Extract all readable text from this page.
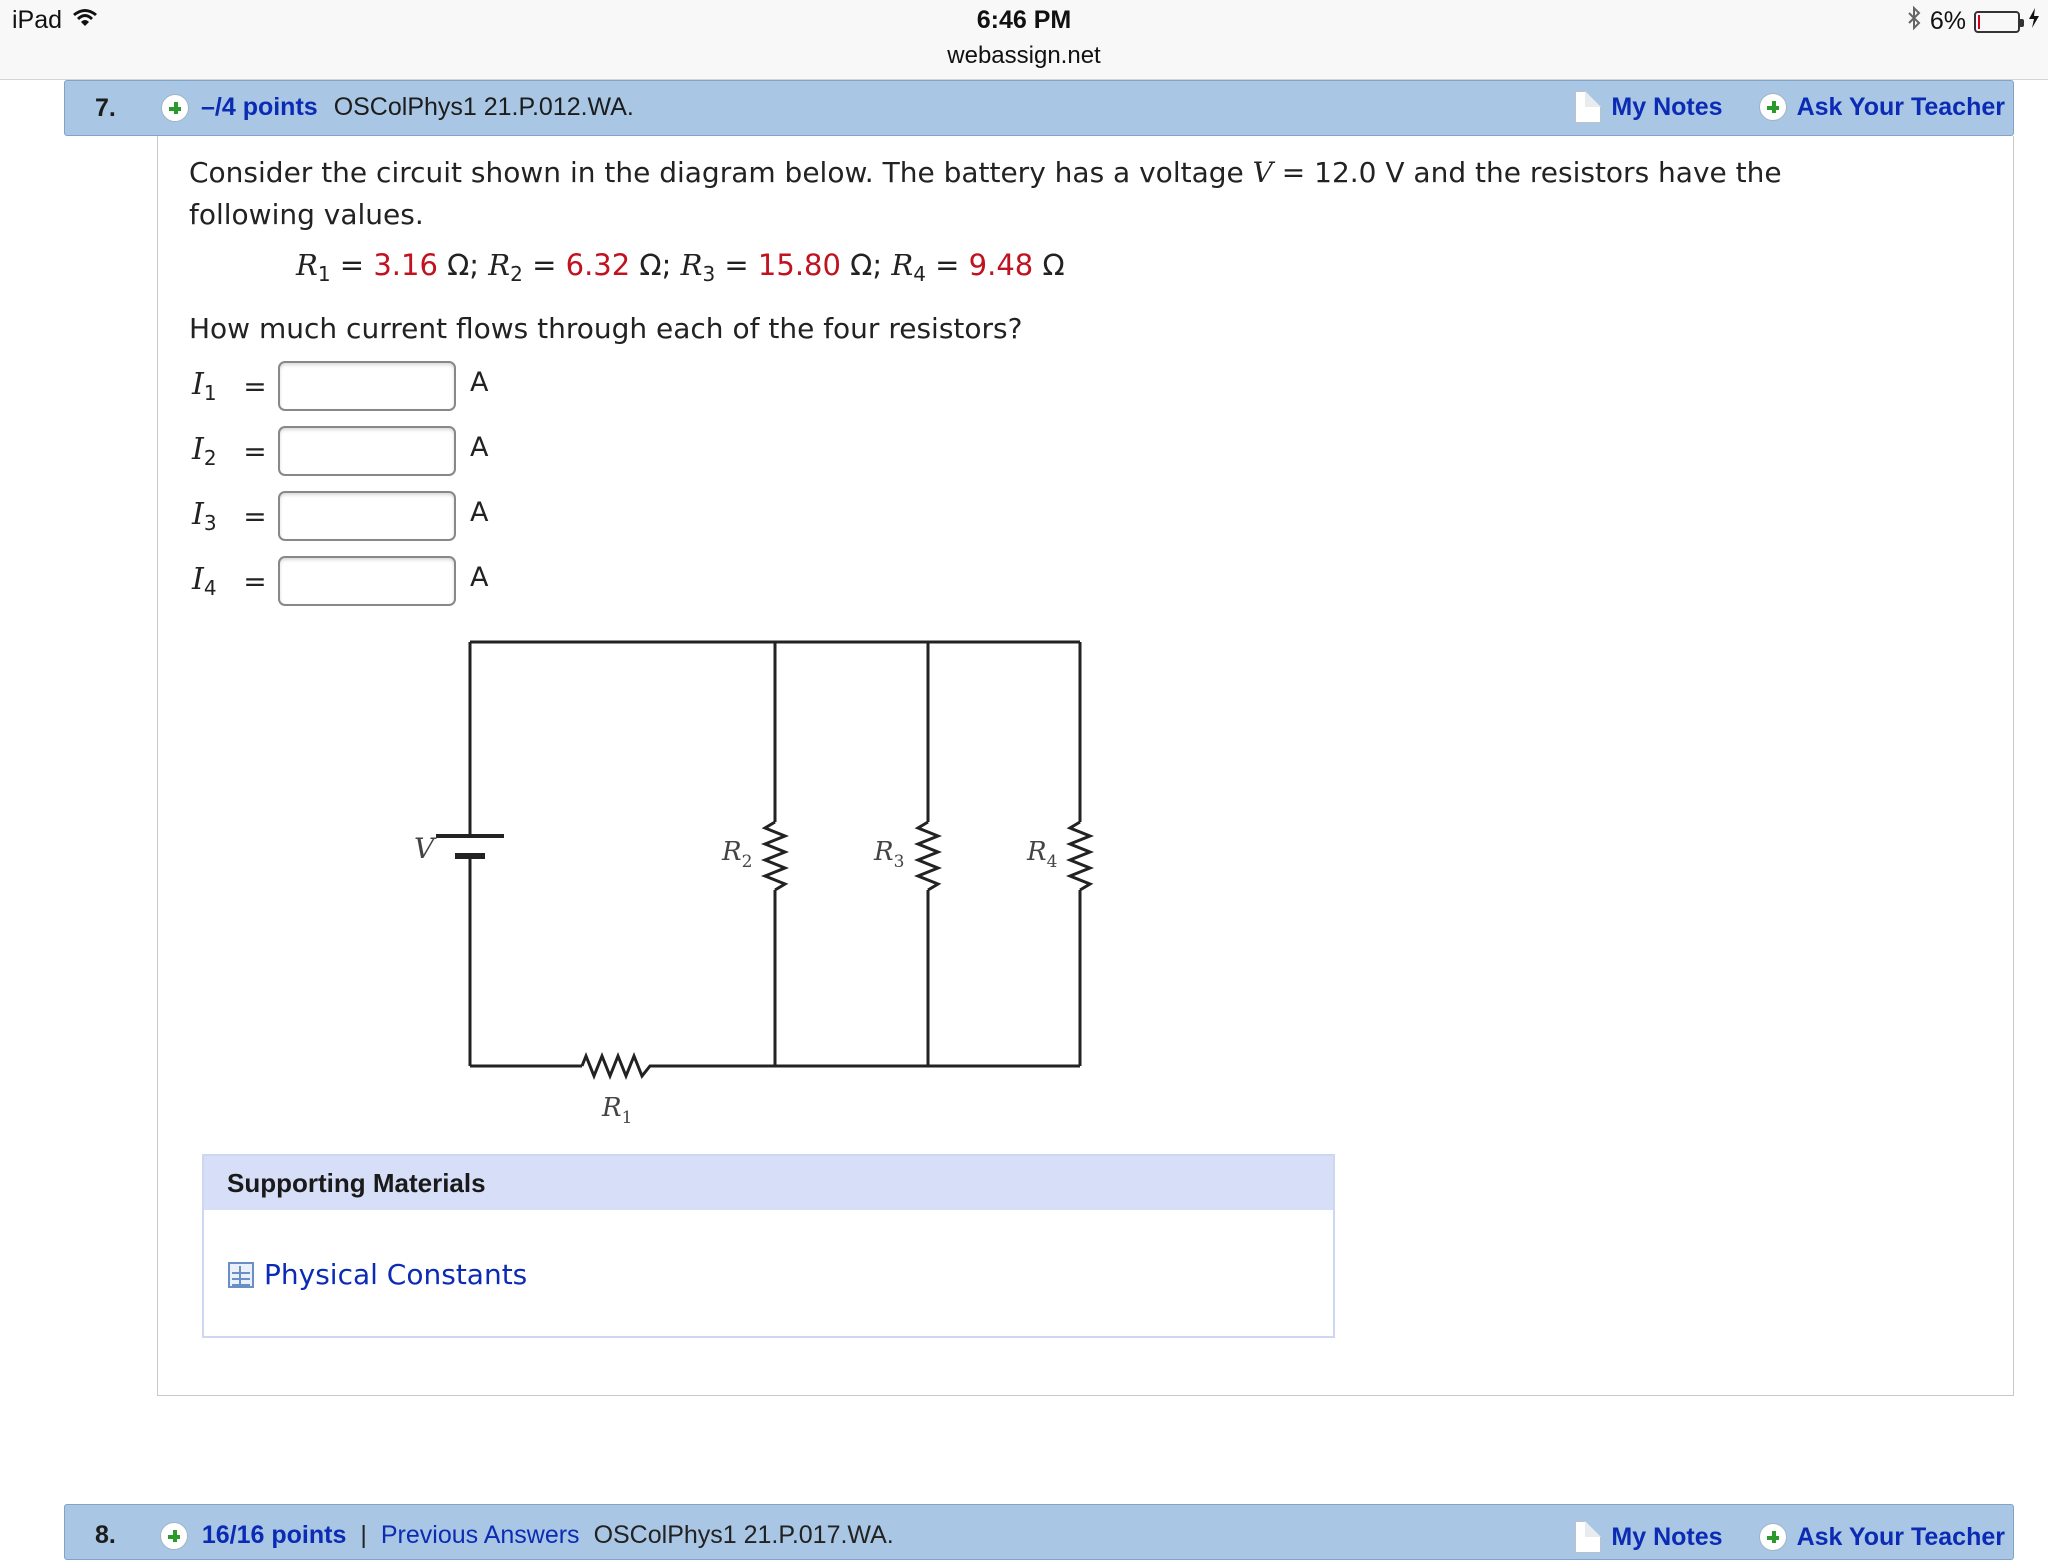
iPad	6:46 PM
webassign.net
6%
7.	–/4 points OSColPhys1 21.P.012.WA.	My Notes	Ask Your Teacher
Consider the circuit shown in the diagram below. The battery has a voltage V = 12.0 V and the resistors have the following values.
$R_1 = 3.16$ Ω; $R_2 = 6.32$ Ω; $R_3 = 15.80$ Ω; $R_4 = 9.48$ Ω
How much current flows through each of the four resistors?
$I_1$ =	A
$I_2$ =	A
$I_3$ =	A
$I_4$ =	A
V	$R_2$	$R_3$	$R_4$
$R_1$
Supporting Materials
Physical Constants
8.	16/16 points | Previous Answers OSColPhys1 21.P.017.WA.	My Notes	Ask Your Teacher
